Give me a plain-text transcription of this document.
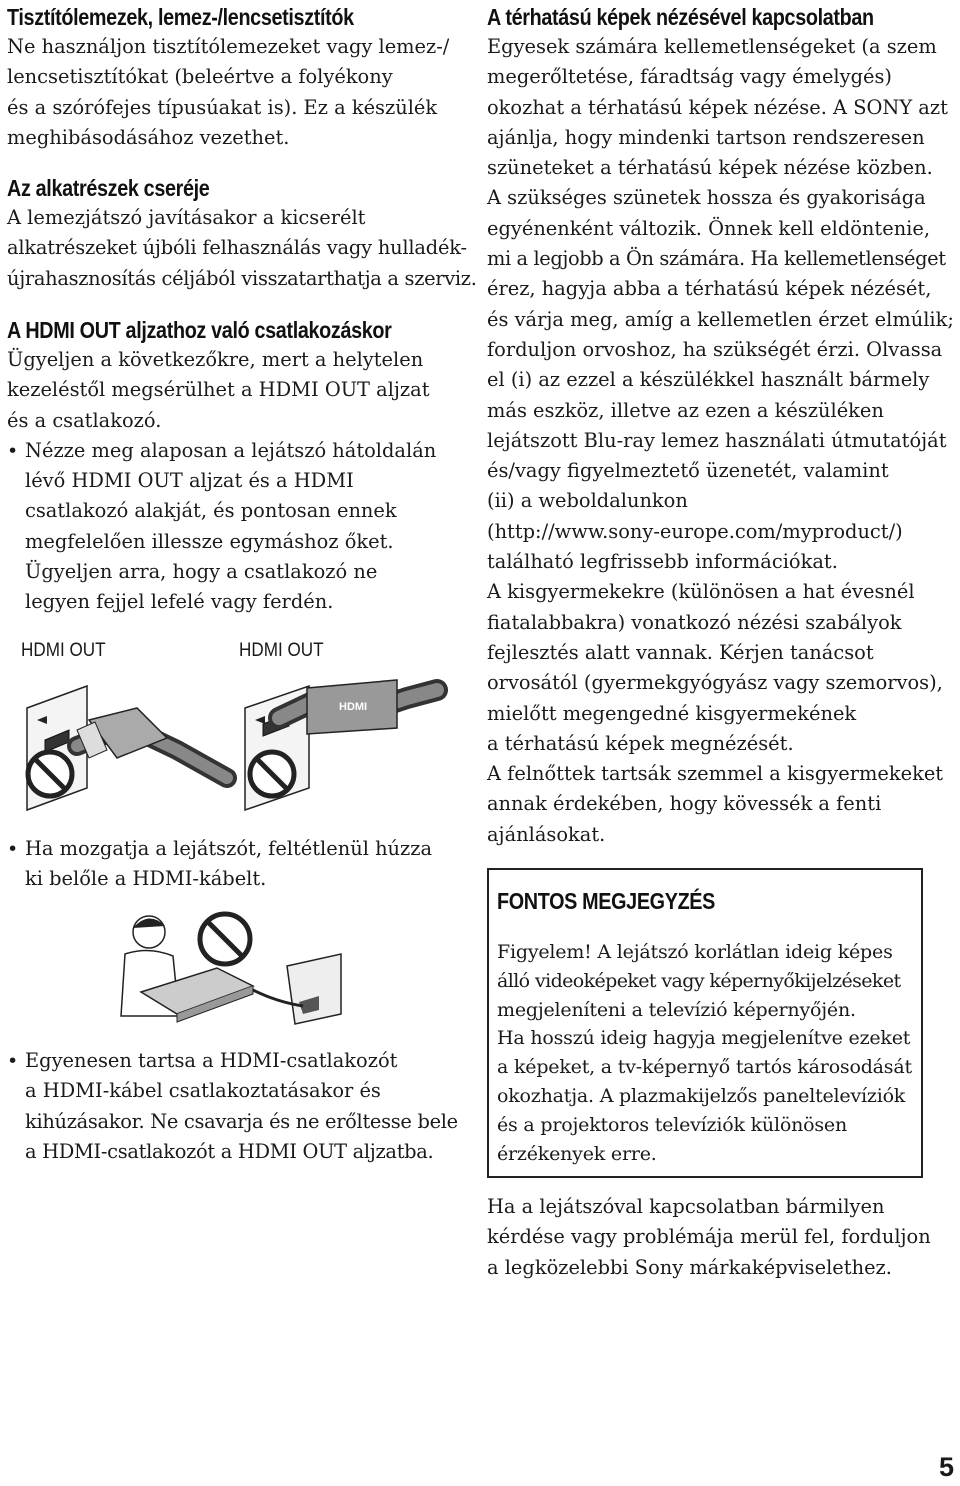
Tisztítólemezek, lemez-/lencsetisztítók

Ne használjon tisztítólemezeket vagy lemez-/
lencsetisztítókat (beleértve a folyékony
és a szórófejes típusúakat is). Ez a készülék
meghibásodásához vezethet.

Az alkatrészek cseréje

A lemezjátszó javításakor a kicserélt
alkatrészeket újbóli felhasználás vagy hulladék-
újrahasznosítás céljából visszatarthatja a szerviz.

A HDMI OUT aljzathoz való csatlakozáskor

Ügyeljen a következőkre, mert a helytelen
kezeléstől megsérülhet a HDMI OUT aljzat
és a csatlakozó.

• Nézze meg alaposan a lejátszó hátoldalán
lévő HDMI OUT aljzat és a HDMI
csatlakozó alakját, és pontosan ennek
megfelelően illessze egymáshoz őket.
Ügyeljen arra, hogy a csatlakozó ne
legyen fejjel lefelé vagy ferdén.

HDMI OUT	HDMI OUT
HDMI

• Ha mozgatja a lejátszót, feltétlenül húzza
ki belőle a HDMI-kábelt.

• Egyenesen tartsa a HDMI-csatlakozót
a HDMI-kábel csatlakoztatásakor és
kihúzásakor. Ne csavarja és ne erőltesse bele
a HDMI-csatlakozót a HDMI OUT aljzatba.

A térhatású képek nézésével kapcsolatban

Egyesek számára kellemetlenségeket (a szem
megerőltetése, fáradtság vagy émelygés)
okozhat a térhatású képek nézése. A SONY azt
ajánlja, hogy mindenki tartson rendszeresen
szüneteket a térhatású képek nézése közben.
A szükséges szünetek hossza és gyakorisága
egyénenként változik. Önnek kell eldöntenie,
mi a legjobb a Ön számára. Ha kellemetlenséget
érez, hagyja abba a térhatású képek nézését,
és várja meg, amíg a kellemetlen érzet elmúlik;
forduljon orvoshoz, ha szükségét érzi. Olvassa
el (i) az ezzel a készülékkel használt bármely
más eszköz, illetve az ezen a készüléken
lejátszott Blu-ray lemez használati útmutatóját
és/vagy figyelmeztető üzenetét, valamint
(ii) a weboldalunkon
(http://www.sony-europe.com/myproduct/)
található legfrissebb információkat.
A kisgyermekekre (különösen a hat évesnél
fiatalabbakra) vonatkozó nézési szabályok
fejlesztés alatt vannak. Kérjen tanácsot
orvosától (gyermekgyógyász vagy szemorvos),
mielőtt megengedné kisgyermekének
a térhatású képek megnézését.
A felnőttek tartsák szemmel a kisgyermekeket
annak érdekében, hogy kövessék a fenti
ajánlásokat.

FONTOS MEGJEGYZÉS

Figyelem! A lejátszó korlátlan ideig képes
álló videoképeket vagy képernyőkijelzéseket
megjeleníteni a televízió képernyőjén.
Ha hosszú ideig hagyja megjelenítve ezeket
a képeket, a tv-képernyő tartós károsodását
okozhatja. A plazmakijelzős paneltelevíziók
és a projektoros televíziók különösen
érzékenyek erre.

Ha a lejátszóval kapcsolatban bármilyen
kérdése vagy problémája merül fel, forduljon
a legközelebbi Sony márkaképviselethez.

5
